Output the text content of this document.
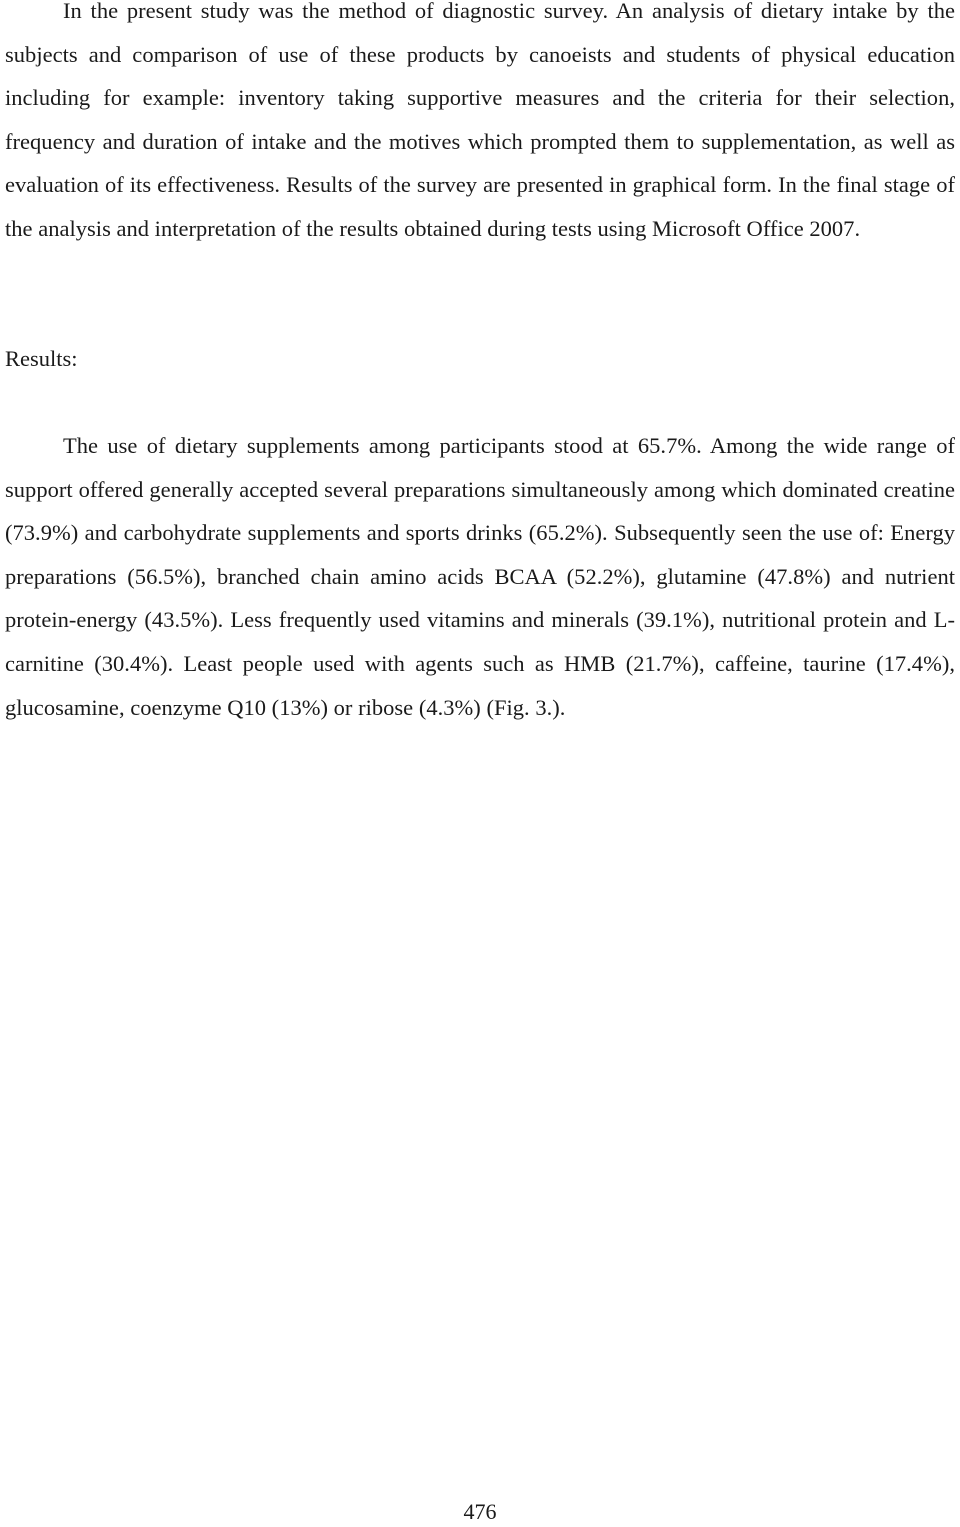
In the present study was the method of diagnostic survey. An analysis of dietary intake by the subjects and comparison of use of these products by canoeists and students of physical education including for example: inventory taking supportive measures and the criteria for their selection, frequency and duration of intake and the motives which prompted them to supplementation, as well as evaluation of its effectiveness. Results of the survey are presented in graphical form. In the final stage of the analysis and interpretation of the results obtained during tests using Microsoft Office 2007.

Results:

The use of dietary supplements among participants stood at 65.7%. Among the wide range of support offered generally accepted several preparations simultaneously among which dominated creatine (73.9%) and carbohydrate supplements and sports drinks (65.2%). Subsequently seen the use of: Energy preparations (56.5%), branched chain amino acids BCAA (52.2%), glutamine (47.8%) and nutrient protein-energy (43.5%). Less frequently used vitamins and minerals (39.1%), nutritional protein and L-carnitine (30.4%). Least people used with agents such as HMB (21.7%), caffeine, taurine (17.4%), glucosamine, coenzyme Q10 (13%) or ribose (4.3%) (Fig. 3.).

476
